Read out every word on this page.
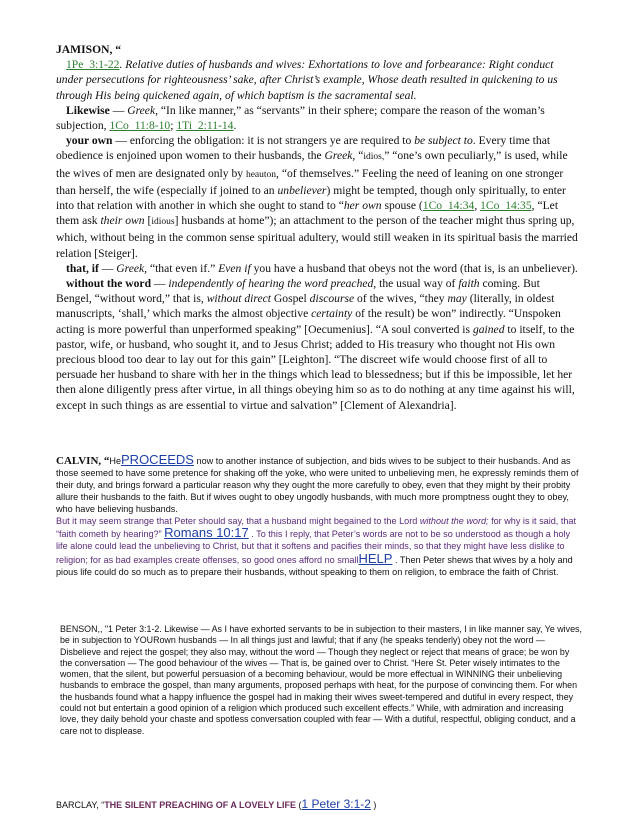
JAMISON, “

1Pe_3:1-22. Relative duties of husbands and wives: Exhortations to love and forbearance: Right conduct under persecutions for righteousness’ sake, after Christ’s example, Whose death resulted in quickening to us through His being quickened again, of which baptism is the sacramental seal.

Likewise — Greek, “In like manner,” as “servants” in their sphere; compare the reason of the woman’s subjection, 1Co_11:8-10; 1Ti_2:11-14.

your own — enforcing the obligation: it is not strangers ye are required to be subject to. Every time that obedience is enjoined upon women to their husbands, the Greek, “idios,” “one’s own peculiarly,” is used, while the wives of men are designated only by heauton, “of themselves.” Feeling the need of leaning on one stronger than herself, the wife (especially if joined to an unbeliever) might be tempted, though only spiritually, to enter into that relation with another in which she ought to stand to “her own spouse (1Co_14:34, 1Co_14:35, “Let them ask their own [idious] husbands at home”); an attachment to the person of the teacher might thus spring up, which, without being in the common sense spiritual adultery, would still weaken in its spiritual basis the married relation [Steiger].

that, if — Greek, “that even if.” Even if you have a husband that obeys not the word (that is, is an unbeliever).

without the word — independently of hearing the word preached, the usual way of faith coming. But Bengel, “without word,” that is, without direct Gospel discourse of the wives, “they may (literally, in oldest manuscripts, ‘shall,’ which marks the almost objective certainty of the result) be won” indirectly. “Unspoken acting is more powerful than unperformed speaking” [Oecumenius]. “A soul converted is gained to itself, to the pastor, wife, or husband, who sought it, and to Jesus Christ; added to His treasury who thought not His own precious blood too dear to lay out for this gain” [Leighton]. “The discreet wife would choose first of all to persuade her husband to share with her in the things which lead to blessedness; but if this be impossible, let her then alone diligently press after virtue, in all things obeying him so as to do nothing at any time against his will, except in such things as are essential to virtue and salvation” [Clement of Alexandria].

CALVIN, “HePROCEEDS now to another instance of subjection, and bids wives to be subject to their husbands. And as those seemed to have some pretence for shaking off the yoke, who were united to unbelieving men, he expressly reminds them of their duty, and brings forward a particular reason why they ought the more carefully to obey, even that they might by their probity allure their husbands to the faith. But if wives ought to obey ungodly husbands, with much more promptness ought they to obey, who have believing husbands.

But it may seem strange that Peter should say, that a husband might begained to the Lord without the word; for why is it said, that “faith cometh by hearing?” Romans 10:17 . To this I reply, that Peter’s words are not to be so understood as though a holy life alone could lead the unbelieving to Christ, but that it softens and pacifies their minds, so that they might have less dislike to religion; for as bad examples create offenses, so good ones afford no smallHELP . Then Peter shews that wives by a holy and pious life could do so much as to prepare their husbands, without speaking to them on religion, to embrace the faith of Christ.

BENSON,, "1 Peter 3:1-2. Likewise — As I have exhorted servants to be in subjection to their masters, I in like manner say, Ye wives, be in subjection to YOURown husbands — In all things just and lawful; that if any (he speaks tenderly) obey not the word — Disbelieve and reject the gospel; they also may, without the word — Though they neglect or reject that means of grace; be won by the conversation — The good behaviour of the wives — That is, be gained over to Christ. “Here St. Peter wisely intimates to the women, that the silent, but powerful persuasion of a becoming behaviour, would be more effectual in WINNING their unbelieving husbands to embrace the gospel, than many arguments, proposed perhaps with heat, for the purpose of convincing them. For when the husbands found what a happy influence the gospel had in making their wives sweet-tempered and dutiful in every respect, they could not but entertain a good opinion of a religion which produced such excellent effects.” While, with admiration and increasing love, they daily behold your chaste and spotless conversation coupled with fear — With a dutiful, respectful, obliging conduct, and a care not to displease.

BARCLAY, “THE SILENT PREACHING OF A LOVELY LIFE (1 Peter 3:1-2 )
